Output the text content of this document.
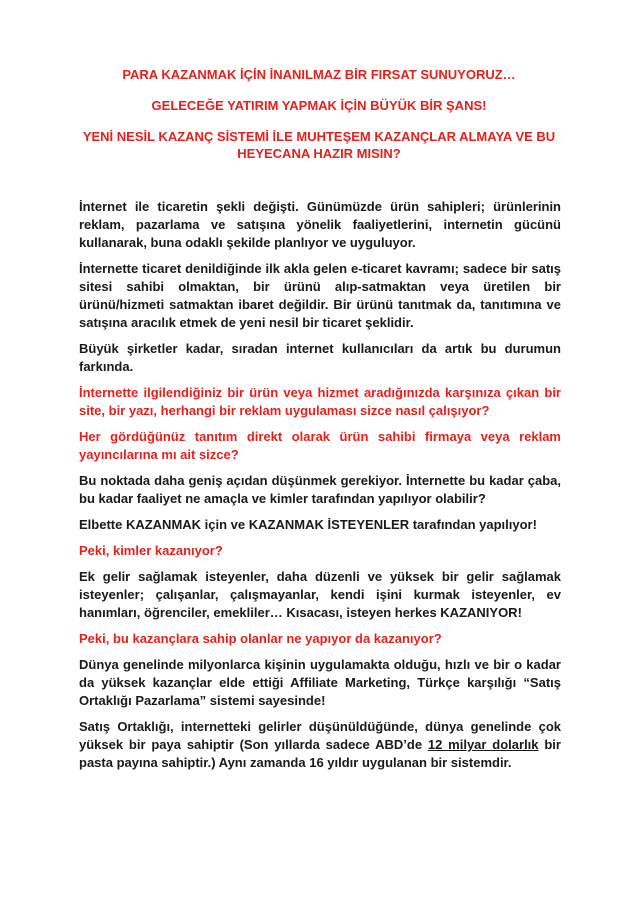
PARA KAZANMAK İÇİN İNANILMAZ BİR FIRSAT SUNUYORUZ…

GELECEĞE YATIRIM YAPMAK İÇİN BÜYÜK BİR ŞANS!

YENİ NESİL KAZANÇ SİSTEMİ İLE MUHTEŞEM KAZANÇLAR ALMAYA VE BU HEYECANA HAZIR MISIN?

İnternet ile ticaretin şekli değişti. Günümüzde ürün sahipleri; ürünlerinin reklam, pazarlama ve satışına yönelik faaliyetlerini, internetin gücünü kullanarak, buna odaklı şekilde planlıyor ve uyguluyor.

İnternette ticaret denildiğinde ilk akla gelen e-ticaret kavramı; sadece bir satış sitesi sahibi olmaktan, bir ürünü alıp-satmaktan veya üretilen bir ürünü/hizmeti satmaktan ibaret değildir. Bir ürünü tanıtmak da, tanıtımına ve satışına aracılık etmek de yeni nesil bir ticaret şeklidir.

Büyük şirketler kadar, sıradan internet kullanıcıları da artık bu durumun farkında.

İnternette ilgilendiğiniz bir ürün veya hizmet aradığınızda karşınıza çıkan bir site, bir yazı, herhangi bir reklam uygulaması sizce nasıl çalışıyor?

Her gördüğünüz tanıtım direkt olarak ürün sahibi firmaya veya reklam yayıncılarına mı ait sizce?

Bu noktada daha geniş açıdan düşünmek gerekiyor. İnternette bu kadar çaba, bu kadar faaliyet ne amaçla ve kimler tarafından yapılıyor olabilir?

Elbette KAZANMAK için ve KAZANMAK İSTEYENLER tarafından yapılıyor!

Peki, kimler kazanıyor?

Ek gelir sağlamak isteyenler, daha düzenli ve yüksek bir gelir sağlamak isteyenler; çalışanlar, çalışmayanlar, kendi işini kurmak isteyenler, ev hanımları, öğrenciler, emekliler… Kısacası, isteyen herkes KAZANIYOR!

Peki, bu kazançlara sahip olanlar ne yapıyor da kazanıyor?

Dünya genelinde milyonlarca kişinin uygulamakta olduğu, hızlı ve bir o kadar da yüksek kazançlar elde ettiği Affiliate Marketing, Türkçe karşılığı “Satış Ortaklığı Pazarlama” sistemi sayesinde!

Satış Ortaklığı, internetteki gelirler düşünüldüğünde, dünya genelinde çok yüksek bir paya sahiptir (Son yıllarda sadece ABD’de 12 milyar dolarlık bir pasta payına sahiptir.) Aynı zamanda 16 yıldır uygulanan bir sistemdir.
